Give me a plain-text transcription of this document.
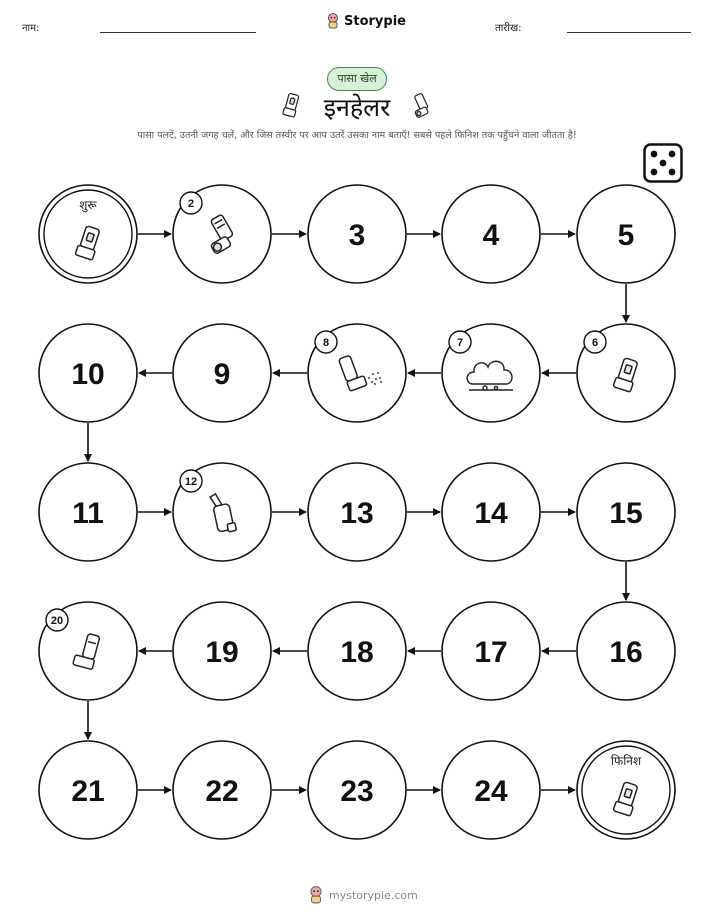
नाम:	Storypie	तारीख:
पासा खेल
इनहेलर
पासा पलटें, उतनी जगह चलें, और जिस तस्वीर पर आप उतरें उसका नाम बताएँ! सबसे पहले फिनिश तक पहुँचने वाला जीतता है!
शुरू	2
3	4	5
6
7
8
9
10
11
12
13	14	15
16
17
18
19
20
21	22	23	24
फिनिश
mystorypie.com
